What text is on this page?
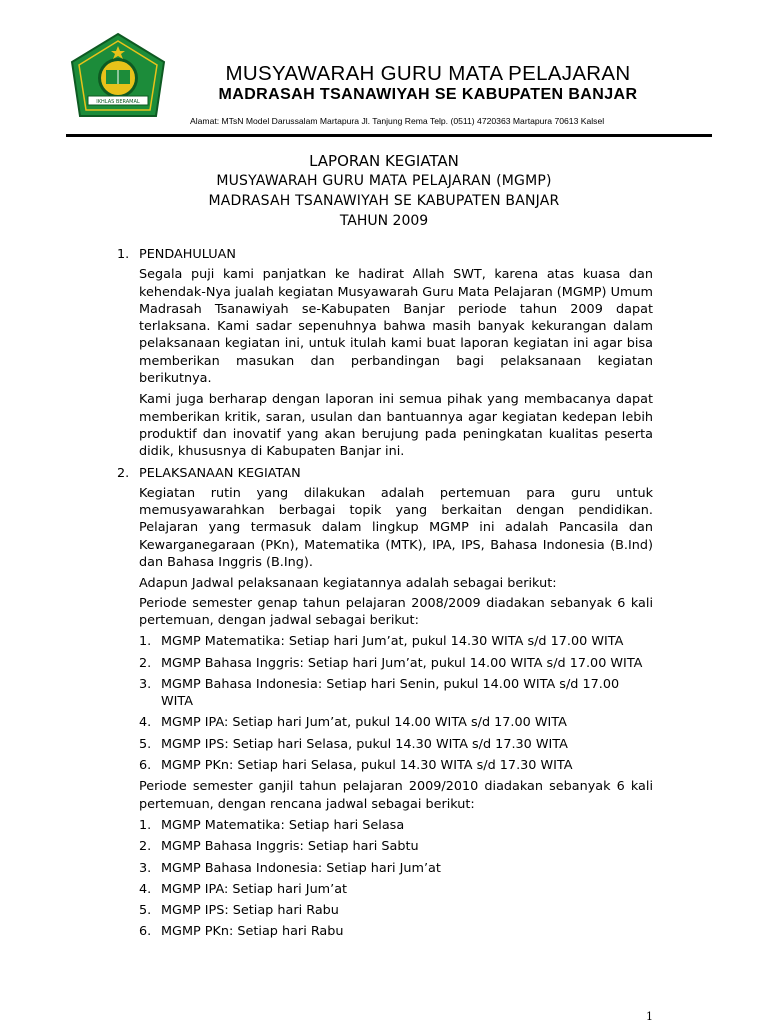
IKHLAS BERAMAL
MUSYAWARAH GURU MATA PELAJARAN
MADRASAH TSANAWIYAH SE KABUPATEN BANJAR
Alamat: MTsN Model Darussalam Martapura Jl. Tanjung Rema Telp. (0511) 4720363 Martapura 70613 Kalsel
LAPORAN KEGIATAN
MUSYAWARAH GURU MATA PELAJARAN (MGMP)
MADRASAH TSANAWIYAH SE KABUPATEN BANJAR
TAHUN 2009
1. PENDAHULUAN

Segala puji kami panjatkan ke hadirat Allah SWT, karena atas kuasa dan kehendak-Nya jualah kegiatan Musyawarah Guru Mata Pelajaran (MGMP) Umum Madrasah Tsanawiyah se-Kabupaten Banjar periode tahun 2009 dapat terlaksana. Kami sadar sepenuhnya bahwa masih banyak kekurangan dalam pelaksanaan kegiatan ini, untuk itulah kami buat laporan kegiatan ini agar bisa memberikan masukan dan perbandingan bagi pelaksanaan kegiatan berikutnya.

Kami juga berharap dengan laporan ini semua pihak yang membacanya dapat memberikan kritik, saran, usulan dan bantuannya agar kegiatan kedepan lebih produktif dan inovatif yang akan berujung pada peningkatan kualitas peserta didik, khususnya di Kabupaten Banjar ini.

2. PELAKSANAAN KEGIATAN

Kegiatan rutin yang dilakukan adalah pertemuan para guru untuk memusyawarahkan berbagai topik yang berkaitan dengan pendidikan. Pelajaran yang termasuk dalam lingkup MGMP ini adalah Pancasila dan Kewarganegaraan (PKn), Matematika (MTK), IPA, IPS, Bahasa Indonesia (B.Ind) dan Bahasa Inggris (B.Ing).

Adapun Jadwal pelaksanaan kegiatannya adalah sebagai berikut:

Periode semester genap tahun pelajaran 2008/2009 diadakan sebanyak 6 kali pertemuan, dengan jadwal sebagai berikut:

1. MGMP Matematika: Setiap hari Jum’at, pukul 14.30 WITA s/d 17.00 WITA
2. MGMP Bahasa Inggris: Setiap hari Jum’at, pukul 14.00 WITA s/d 17.00 WITA
3. MGMP Bahasa Indonesia: Setiap hari Senin, pukul 14.00 WITA s/d 17.00 WITA
4. MGMP IPA: Setiap hari Jum’at, pukul 14.00 WITA s/d 17.00 WITA
5. MGMP IPS: Setiap hari Selasa, pukul 14.30 WITA s/d 17.30 WITA
6. MGMP PKn: Setiap hari Selasa, pukul 14.30 WITA s/d 17.30 WITA

Periode semester ganjil tahun pelajaran 2009/2010 diadakan sebanyak 6 kali pertemuan, dengan rencana jadwal sebagai berikut:

1. MGMP Matematika: Setiap hari Selasa
2. MGMP Bahasa Inggris: Setiap hari Sabtu
3. MGMP Bahasa Indonesia: Setiap hari Jum’at
4. MGMP IPA: Setiap hari Jum’at
5. MGMP IPS: Setiap hari Rabu
6. MGMP PKn: Setiap hari Rabu
1
